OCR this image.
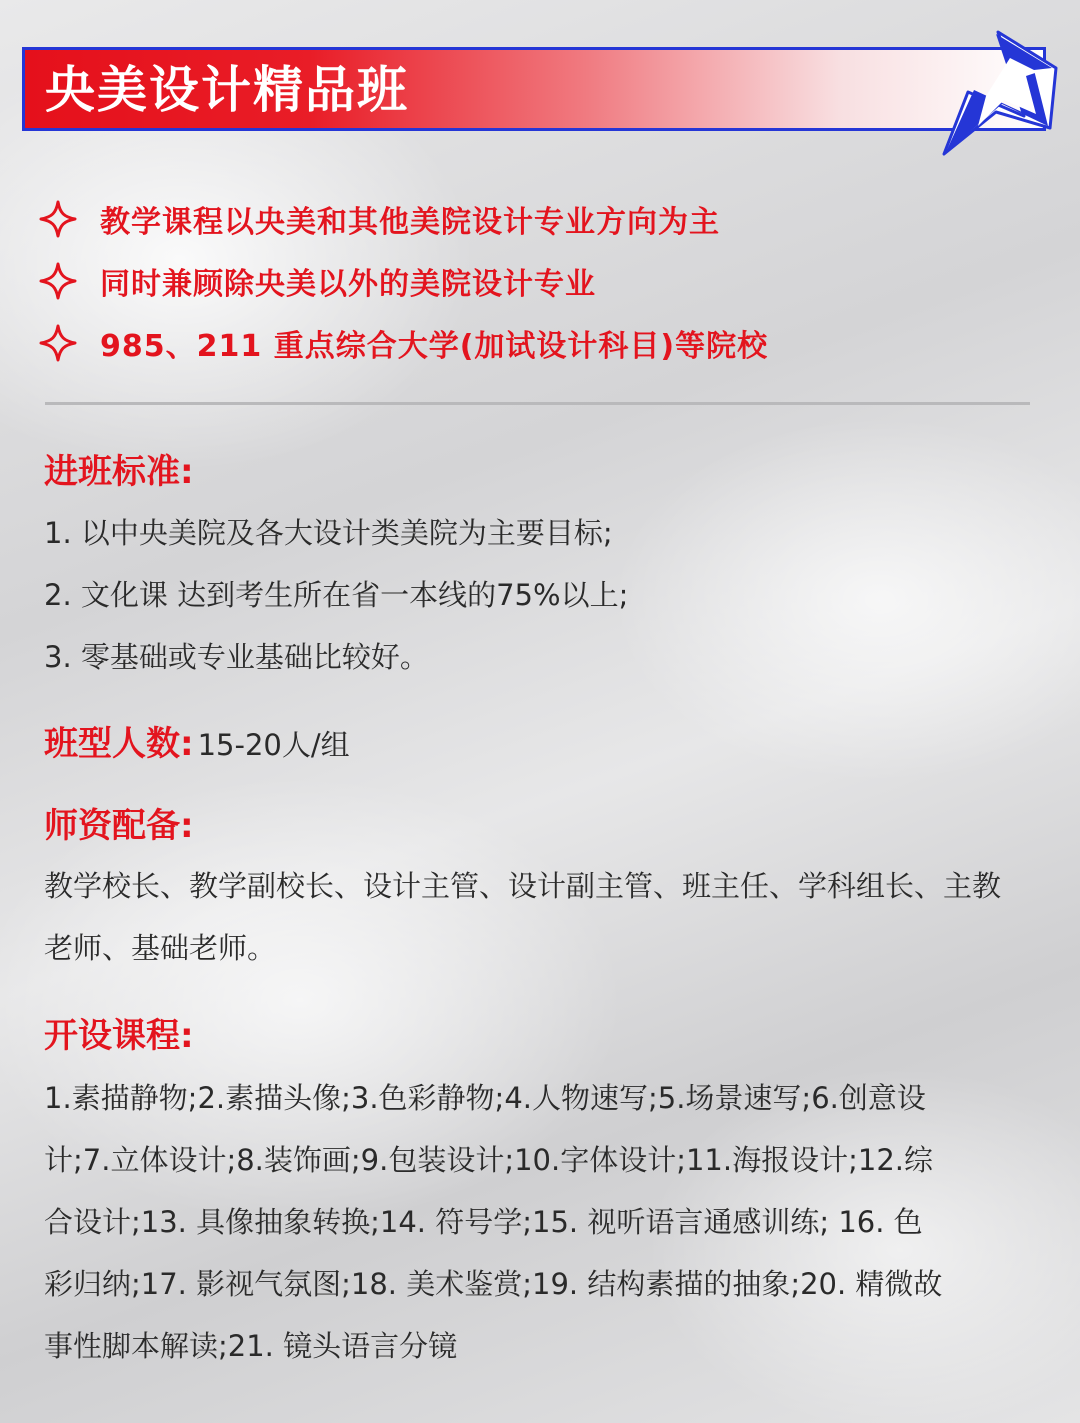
央美设计精品班
教学课程以央美和其他美院设计专业方向为主
同时兼顾除央美以外的美院设计专业
985、211 重点综合大学(加试设计科目)等院校
进班标准:
1. 以中央美院及各大设计类美院为主要目标;
2. 文化课 达到考生所在省一本线的75%以上;
3. 零基础或专业基础比较好。
班型人数: 15-20人/组
师资配备:
教学校长、教学副校长、设计主管、设计副主管、班主任、学科组长、主教
老师、基础老师。
开设课程:
1.素描静物;2.素描头像;3.色彩静物;4.人物速写;5.场景速写;6.创意设
计;7.立体设计;8.装饰画;9.包装设计;10.字体设计;11.海报设计;12.综
合设计;13. 具像抽象转换;14. 符号学;15. 视听语言通感训练; 16. 色
彩归纳;17. 影视气氛图;18. 美术鉴赏;19. 结构素描的抽象;20. 精微故
事性脚本解读;21. 镜头语言分镜
